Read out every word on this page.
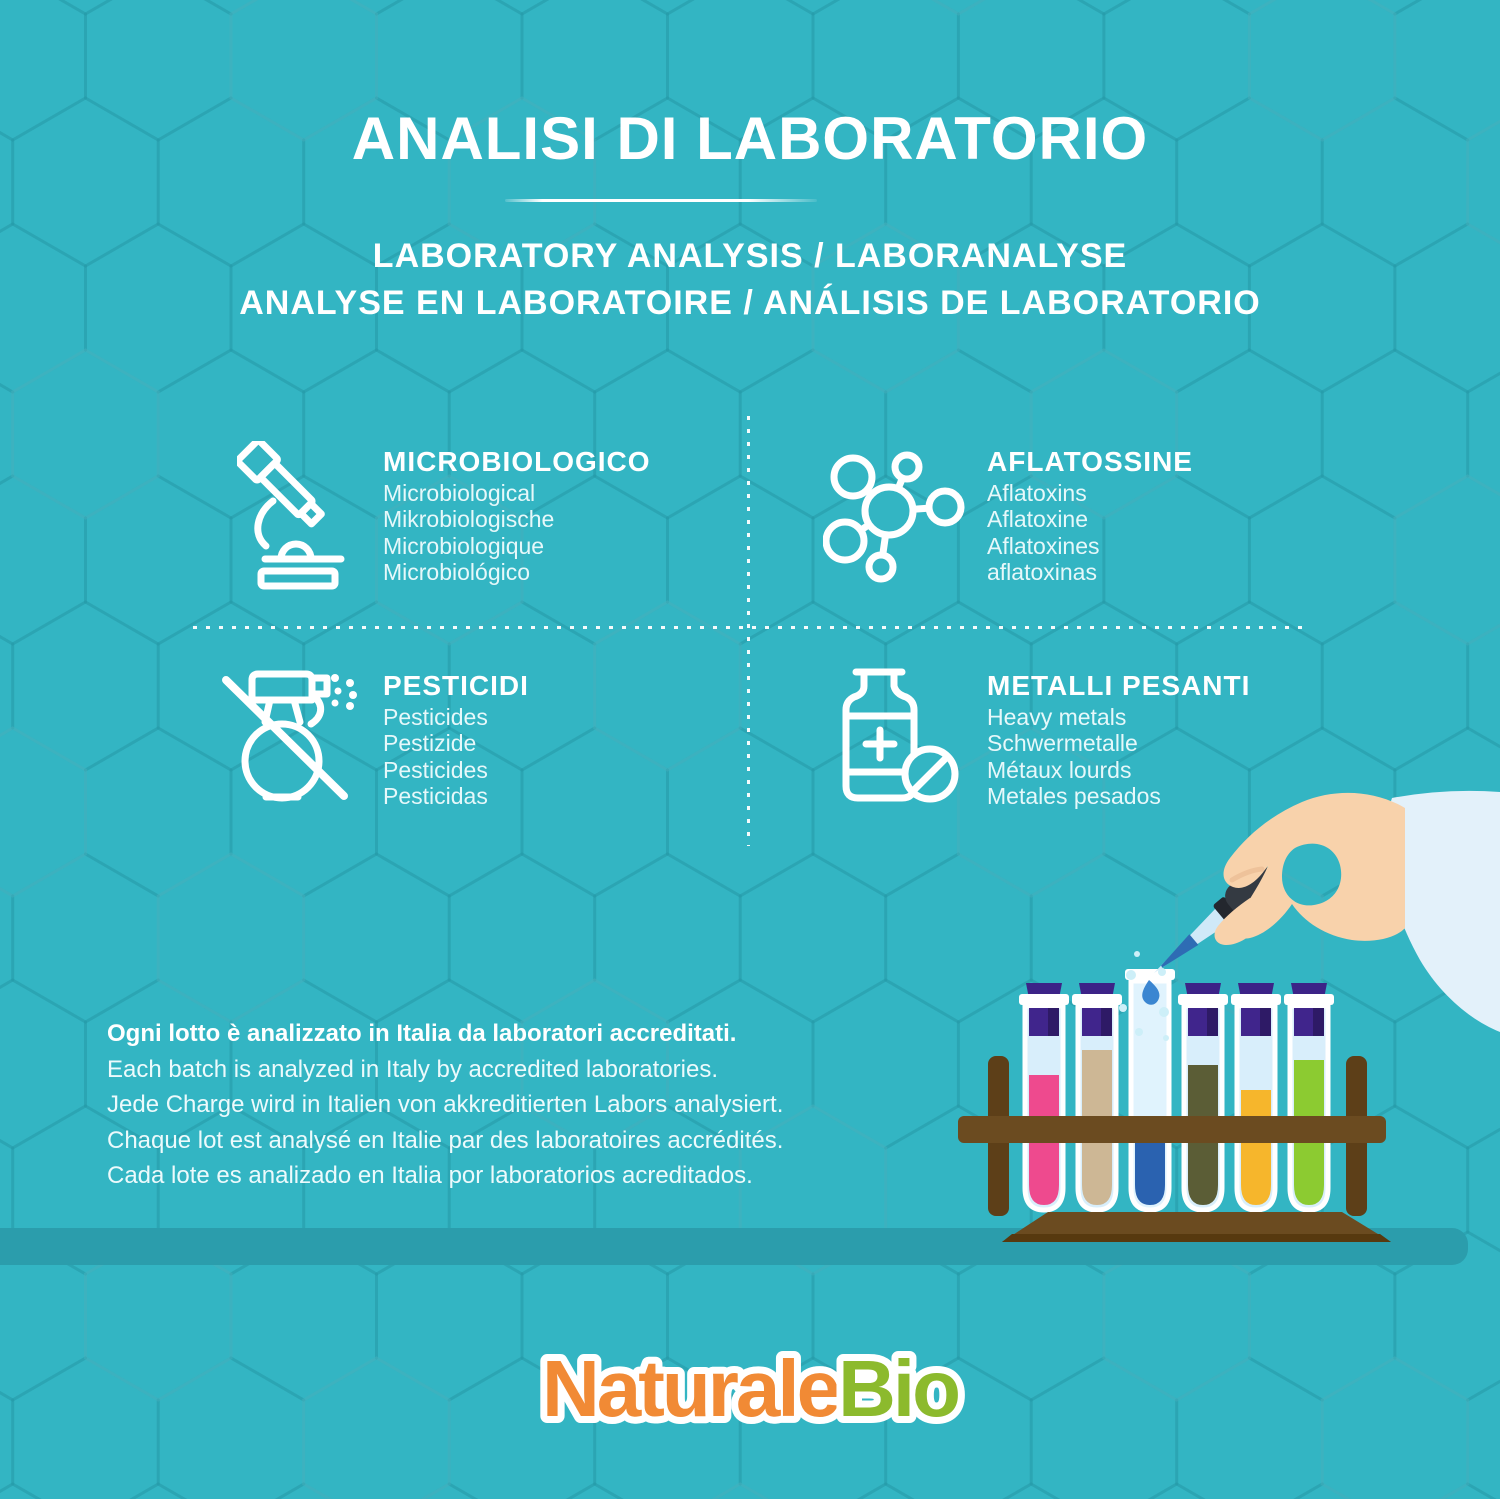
ANALISI DI LABORATORIO
LABORATORY ANALYSIS / LABORANALYSE
ANALYSE EN LABORATOIRE / ANÁLISIS DE LABORATORIO
MICROBIOLOGICO
Microbiological
Mikrobiologische
Microbiologique
Microbiológico
AFLATOSSINE
Aflatoxins
Aflatoxine
Aflatoxines
aflatoxinas
PESTICIDI
Pesticides
Pestizide
Pesticides
Pesticidas
METALLI PESANTI
Heavy metals
Schwermetalle
Métaux lourds
Metales pesados
Ogni lotto è analizzato in Italia da laboratori accreditati.
Each batch is analyzed in Italy by accredited laboratories.
Jede Charge wird in Italien von akkreditierten Labors analysiert.
Chaque lot est analysé en Italie par des laboratoires accrédités.
Cada lote es analizado en Italia por laboratorios acreditados.
NaturaleBio
